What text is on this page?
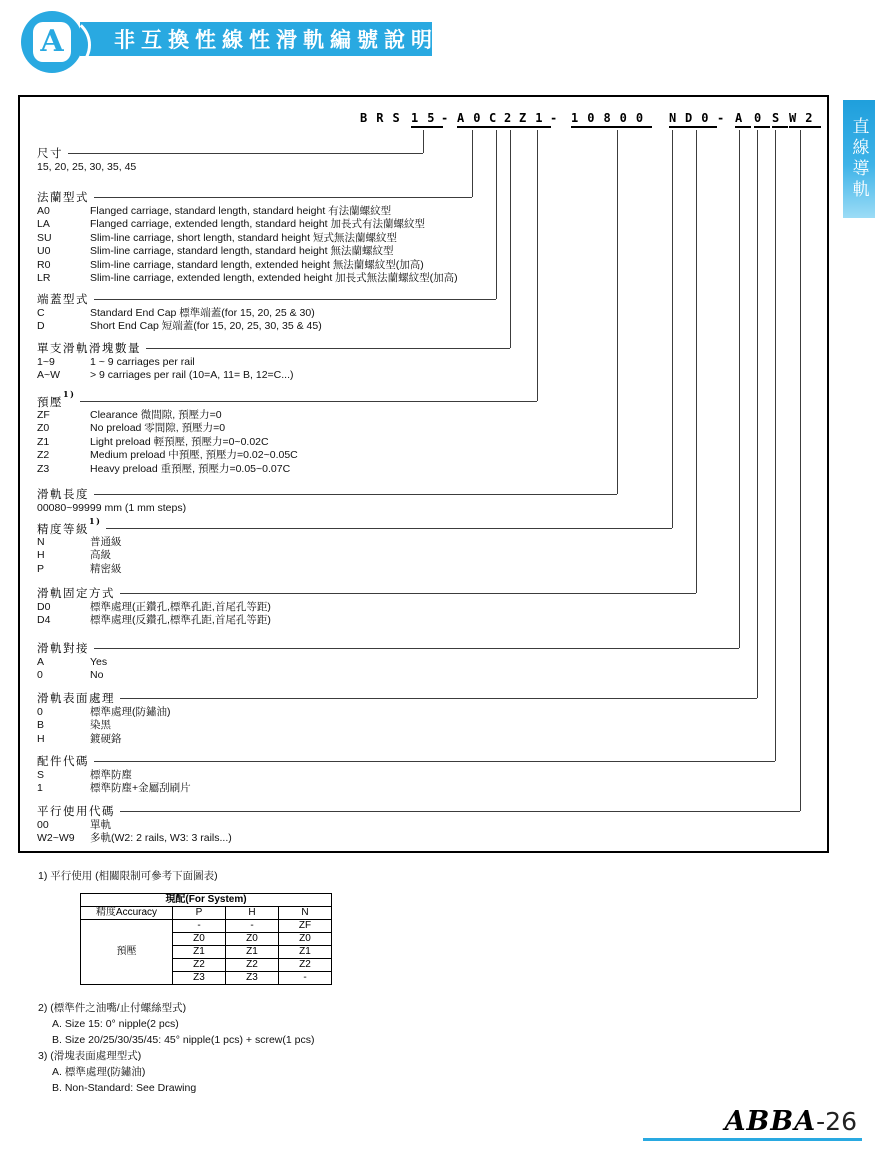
A	非互換性線性滑軌編號說明
直線導軌
BRS 15
- A0 C
2
Z1
- 10800 N D0 - A 0 S W2
尺寸
15, 20, 25, 30, 35, 45
法蘭型式
A0	Flanged carriage, standard length, standard height 有法蘭螺紋型
LA	Flanged carriage, extended length, standard height 加長式有法蘭螺紋型
SU	Slim-line carriage, short length, standard height 短式無法蘭螺紋型
U0	Slim-line carriage, standard length, standard height 無法蘭螺紋型
R0	Slim-line carriage, standard length, extended height 無法蘭螺紋型(加高)
LR	Slim-line carriage, extended length, extended height 加長式無法蘭螺紋型(加高)
端蓋型式
C	Standard End Cap 標準端蓋(for 15, 20, 25 & 30)
D	Short End Cap 短端蓋(for 15, 20, 25, 30, 35 & 45)
單支滑軌滑塊數量
1~9	1 ~ 9 carriages per rail
A~W	> 9 carriages per rail (10=A, 11= B, 12=C...)
預壓$^{1)}$
ZF	Clearance 微間隙, 預壓力=0
Z0	No preload 零間隙, 預壓力=0
Z1	Light preload 輕預壓, 預壓力=0~0.02C
Z2	Medium preload 中預壓, 預壓力=0.02~0.05C
Z3	Heavy preload 重預壓, 預壓力=0.05~0.07C
滑軌長度
00080~99999 mm (1 mm steps)
精度等級$^{1)}$
N	普通級
H	高級
P	精密級
滑軌固定方式
D0	標準處理(正鑽孔,標準孔距,首尾孔等距)
D4	標準處理(反鑽孔,標準孔距,首尾孔等距)
滑軌對接
A	Yes
0	No
滑軌表面處理
0	標準處理(防鏽油)
B	染黑
H	鍍硬鉻
配件代碼
S	標準防塵
1	標準防塵+金屬刮刷片
平行使用代碼
00	單軌
W2~W9	多軌(W2: 2 rails, W3: 3 rails...)
1) 平行使用 (相關限制可參考下面圖表)
現配(For System)			
精度Accuracy	P	H	N
預壓	-	-	ZF
	Z0	Z0	Z0
	Z1	Z1	Z1
	Z2	Z2	Z2
	Z3	Z3	-
2) (標準件之油嘴/止付螺絲型式)
A. Size 15: 0° nipple(2 pcs)
B. Size 20/25/30/35/45: 45° nipple(1 pcs) + screw(1 pcs)
3) (滑塊表面處理型式)
A. 標準處理(防鏽油)
B. Non-Standard: See Drawing
ABBA-26
